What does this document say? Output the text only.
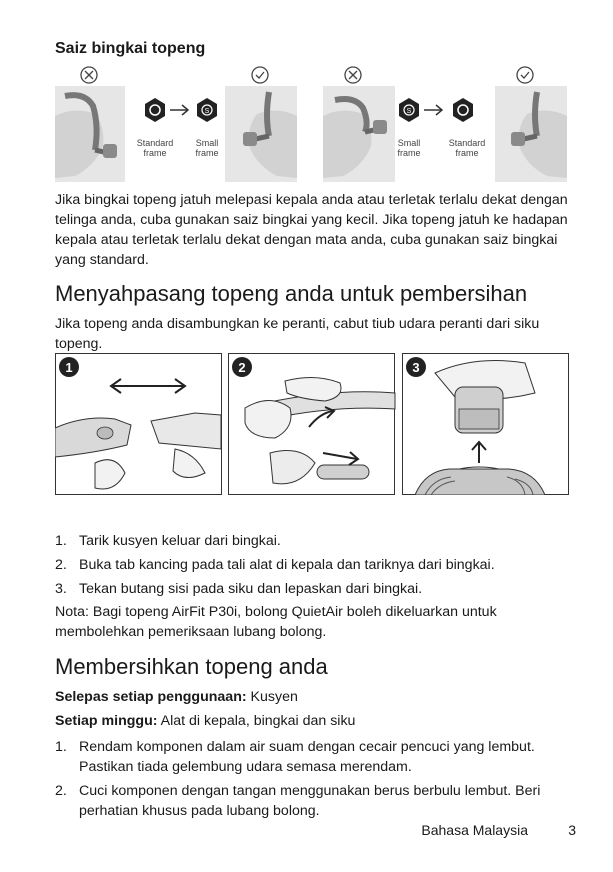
Saiz bingkai topeng
Standard frame
S
Small frame
S
Small frame
Standard frame
Jika bingkai topeng jatuh melepasi kepala anda atau terletak terlalu dekat dengan telinga anda, cuba gunakan saiz bingkai yang kecil. Jika topeng jatuh ke hadapan kepala atau terletak terlalu dekat dengan mata anda, cuba gunakan saiz bingkai yang standard.
Menyahpasang topeng anda untuk pembersihan
Jika topeng anda disambungkan ke peranti, cabut tiub udara peranti dari siku topeng.
1	2	3
1. Tarik kusyen keluar dari bingkai.
2. Buka tab kancing pada tali alat di kepala dan tariknya dari bingkai.
3. Tekan butang sisi pada siku dan lepaskan dari bingkai.
Nota: Bagi topeng AirFit P30i, bolong QuietAir boleh dikeluarkan untuk membolehkan pemeriksaan lubang bolong.
Membersihkan topeng anda
Selepas setiap penggunaan: Kusyen
Setiap minggu: Alat di kepala, bingkai dan siku
1. Rendam komponen dalam air suam dengan cecair pencuci yang lembut. Pastikan tiada gelembung udara semasa merendam.
2. Cuci komponen dengan tangan menggunakan berus berbulu lembut. Beri perhatian khusus pada lubang bolong.
Bahasa Malaysia	3
